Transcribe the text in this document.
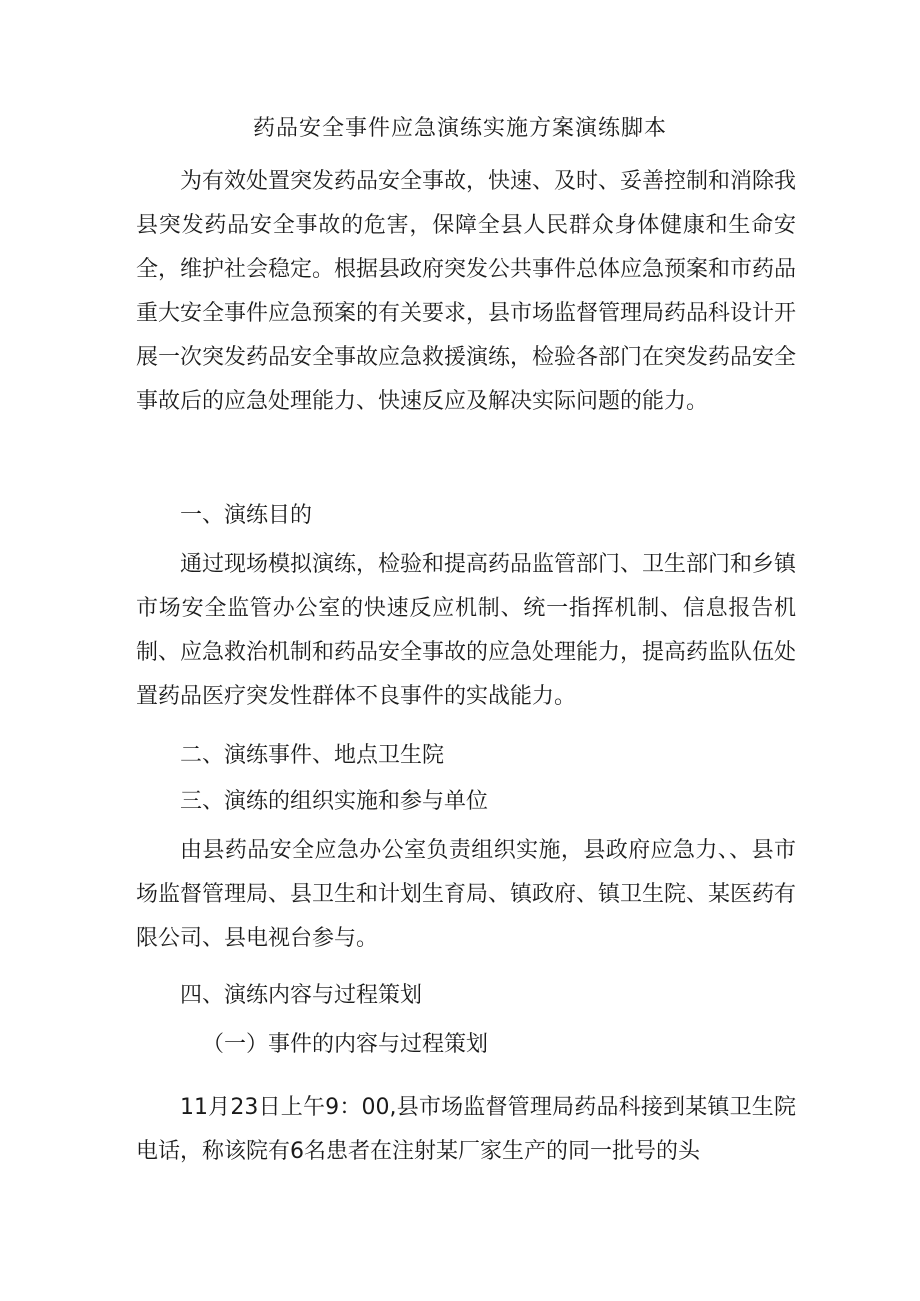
药品安全事件应急演练实施方案演练脚本
为有效处置突发药品安全事故，快速、及时、妥善控制和消除我县突发药品安全事故的危害，保障全县人民群众身体健康和生命安全，维护社会稳定。根据县政府突发公共事件总体应急预案和市药品重大安全事件应急预案的有关要求，县市场监督管理局药品科设计开展一次突发药品安全事故应急救援演练，检验各部门在突发药品安全事故后的应急处理能力、快速反应及解决实际问题的能力。
一、演练目的
通过现场模拟演练，检验和提高药品监管部门、卫生部门和乡镇市场安全监管办公室的快速反应机制、统一指挥机制、信息报告机制、应急救治机制和药品安全事故的应急处理能力，提高药监队伍处置药品医疗突发性群体不良事件的实战能力。
二、演练事件、地点卫生院
三、演练的组织实施和参与单位
由县药品安全应急办公室负责组织实施，县政府应急力、、县市场监督管理局、县卫生和计划生育局、镇政府、镇卫生院、某医药有限公司、县电视台参与。
四、演练内容与过程策划
（一）事件的内容与过程策划
11月23日上午9：00,县市场监督管理局药品科接到某镇卫生院电话，称该院有6名患者在注射某厂家生产的同一批号的头
